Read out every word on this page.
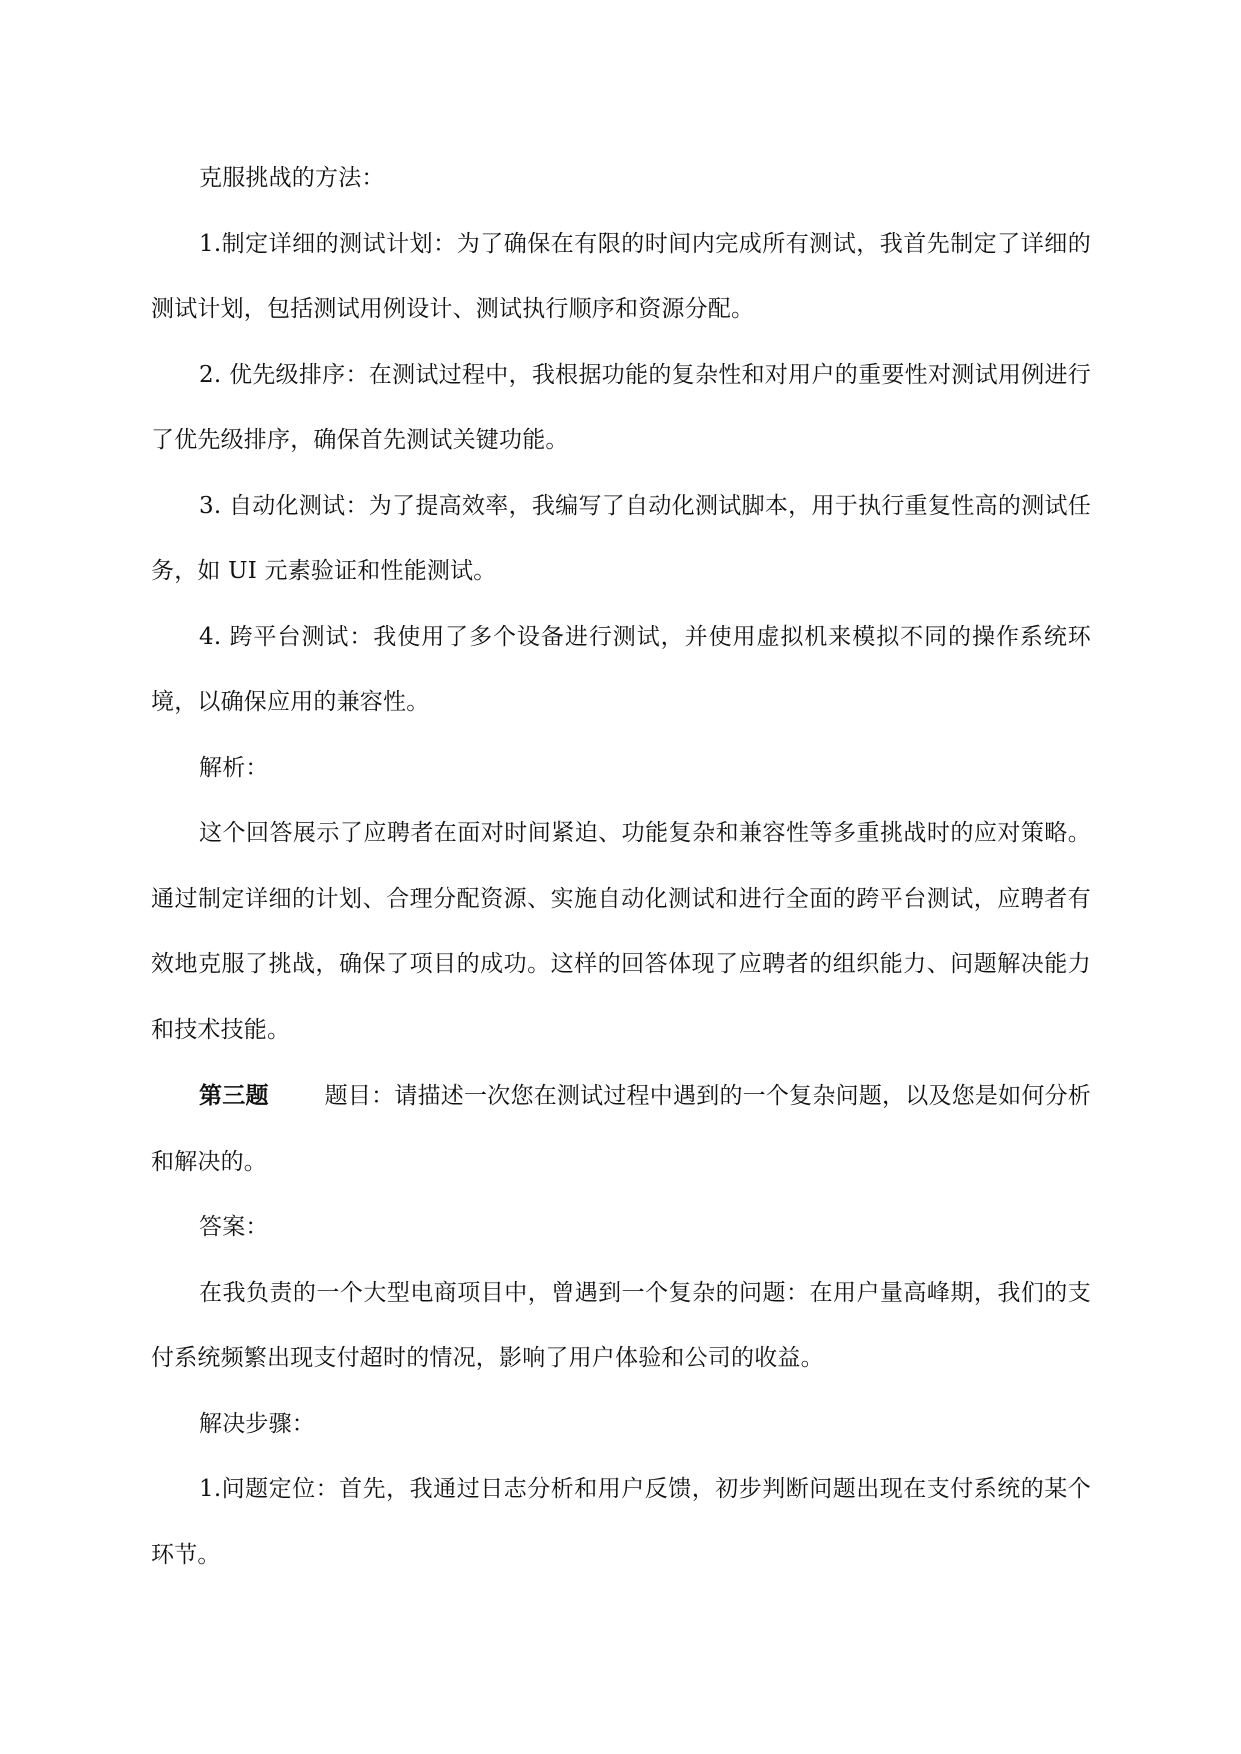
克服挑战的方法：

1.制定详细的测试计划：为了确保在有限的时间内完成所有测试，我首先制定了详细的测试计划，包括测试用例设计、测试执行顺序和资源分配。

2. 优先级排序：在测试过程中，我根据功能的复杂性和对用户的重要性对测试用例进行了优先级排序，确保首先测试关键功能。

3. 自动化测试：为了提高效率，我编写了自动化测试脚本，用于执行重复性高的测试任务，如 UI 元素验证和性能测试。

4. 跨平台测试：我使用了多个设备进行测试，并使用虚拟机来模拟不同的操作系统环境，以确保应用的兼容性。

解析：

这个回答展示了应聘者在面对时间紧迫、功能复杂和兼容性等多重挑战时的应对策略。通过制定详细的计划、合理分配资源、实施自动化测试和进行全面的跨平台测试，应聘者有效地克服了挑战，确保了项目的成功。这样的回答体现了应聘者的组织能力、问题解决能力和技术技能。

第三题 题目：请描述一次您在测试过程中遇到的一个复杂问题，以及您是如何分析和解决的。

答案：

在我负责的一个大型电商项目中，曾遇到一个复杂的问题：在用户量高峰期，我们的支付系统频繁出现支付超时的情况，影响了用户体验和公司的收益。

解决步骤：

1.问题定位：首先，我通过日志分析和用户反馈，初步判断问题出现在支付系统的某个环节。
